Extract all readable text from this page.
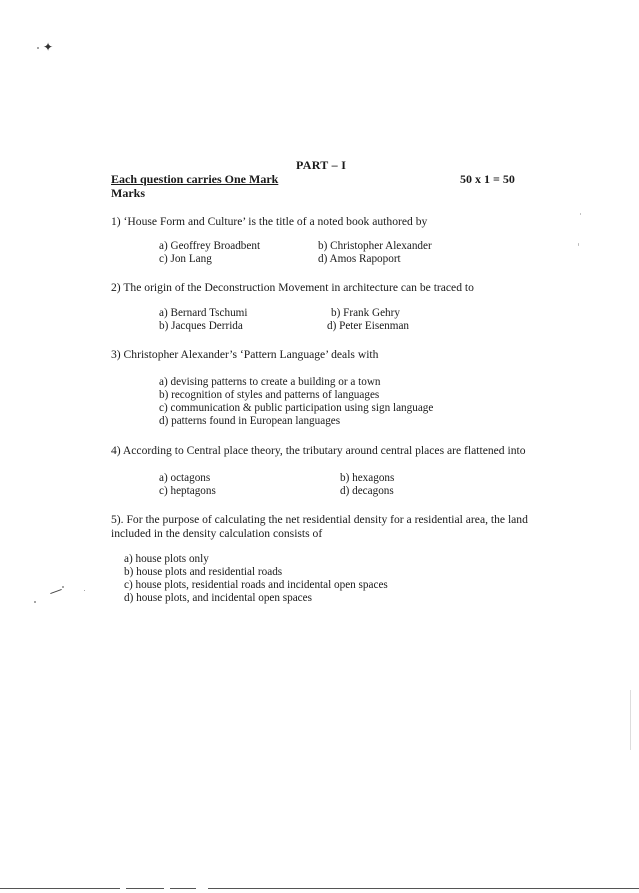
✦
PART – I
Each question carries One Mark
Marks
50 x 1 = 50
1) ‘House Form and Culture’ is the title of a noted book authored by
a) Geoffrey Broadbent	b) Christopher Alexander
c) Jon Lang	d) Amos Rapoport
2) The origin of the Deconstruction Movement in architecture can be traced to
a) Bernard Tschumi	b) Frank Gehry
b) Jacques Derrida	d) Peter Eisenman
3) Christopher Alexander’s ‘Pattern Language’ deals with
a) devising patterns to create a building or a town
b) recognition of styles and patterns of languages
c) communication & public participation using sign language
d) patterns found in European languages
4) According to Central place theory, the tributary around central places are flattened into
a) octagons	b) hexagons
c) heptagons	d) decagons
5). For the purpose of calculating the net residential density for a residential area, the land
included in the density calculation consists of
a) house plots only
b) house plots and residential roads
c) house plots, residential roads and incidental open spaces
d) house plots, and incidental open spaces
